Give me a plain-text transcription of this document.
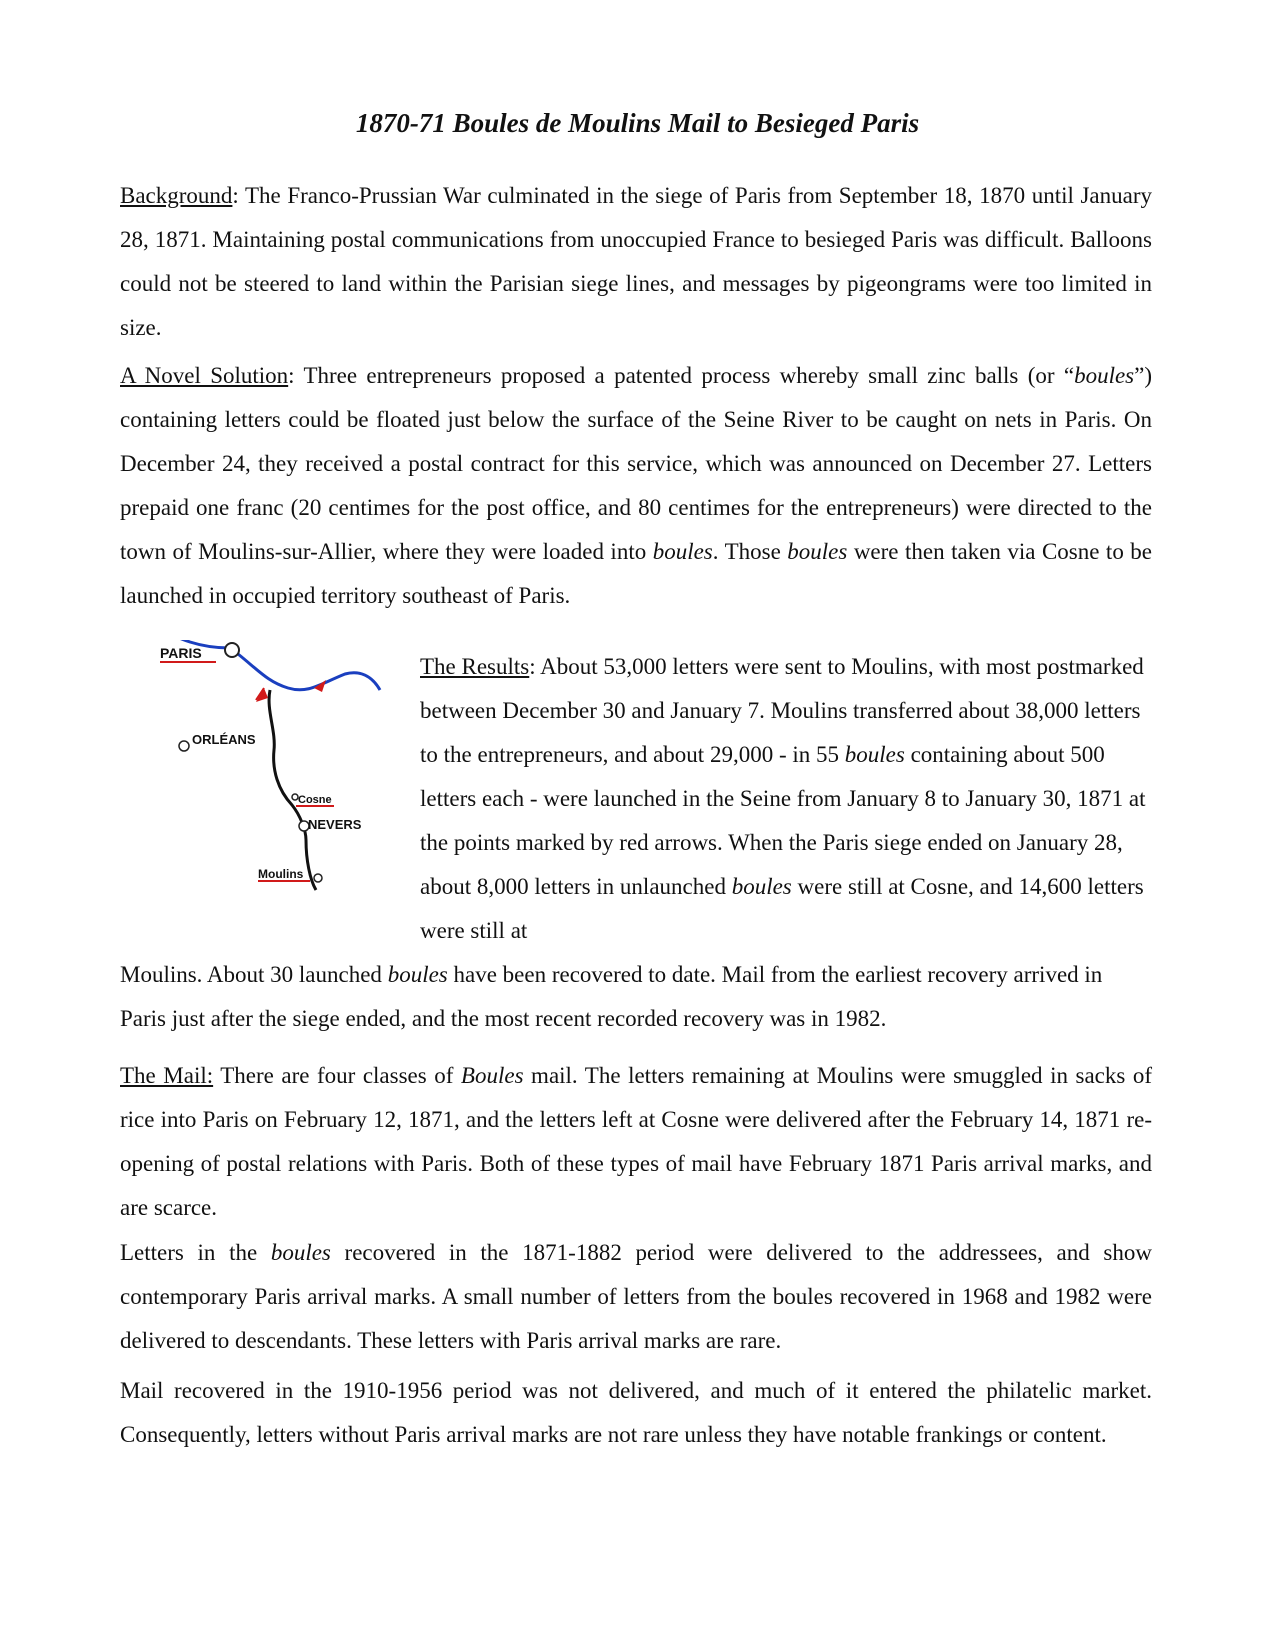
1870-71 Boules de Moulins Mail to Besieged Paris

Background: The Franco-Prussian War culminated in the siege of Paris from September 18, 1870 until January 28, 1871. Maintaining postal communications from unoccupied France to besieged Paris was difficult. Balloons could not be steered to land within the Parisian siege lines, and messages by pigeongrams were too limited in size.

A Novel Solution: Three entrepreneurs proposed a patented process whereby small zinc balls (or “boules”) containing letters could be floated just below the surface of the Seine River to be caught on nets in Paris. On December 24, they received a postal contract for this service, which was announced on December 27. Letters prepaid one franc (20 centimes for the post office, and 80 centimes for the entrepreneurs) were directed to the town of Moulins-sur-Allier, where they were loaded into boules. Those boules were then taken via Cosne to be launched in occupied territory southeast of Paris.

PARIS
ORLÉANS
Cosne
NEVERS
Moulins

The Results: About 53,000 letters were sent to Moulins, with most postmarked between December 30 and January 7. Moulins transferred about 38,000 letters to the entrepreneurs, and about 29,000 - in 55 boules containing about 500 letters each - were launched in the Seine from January 8 to January 30, 1871 at the points marked by red arrows. When the Paris siege ended on January 28, about 8,000 letters in unlaunched boules were still at Cosne, and 14,600 letters were still at

Moulins. About 30 launched boules have been recovered to date. Mail from the earliest recovery arrived in Paris just after the siege ended, and the most recent recorded recovery was in 1982.

The Mail: There are four classes of Boules mail. The letters remaining at Moulins were smuggled in sacks of rice into Paris on February 12, 1871, and the letters left at Cosne were delivered after the February 14, 1871 re-opening of postal relations with Paris. Both of these types of mail have February 1871 Paris arrival marks, and are scarce.

Letters in the boules recovered in the 1871-1882 period were delivered to the addressees, and show contemporary Paris arrival marks. A small number of letters from the boules recovered in 1968 and 1982 were delivered to descendants. These letters with Paris arrival marks are rare.

Mail recovered in the 1910-1956 period was not delivered, and much of it entered the philatelic market. Consequently, letters without Paris arrival marks are not rare unless they have notable frankings or content.
